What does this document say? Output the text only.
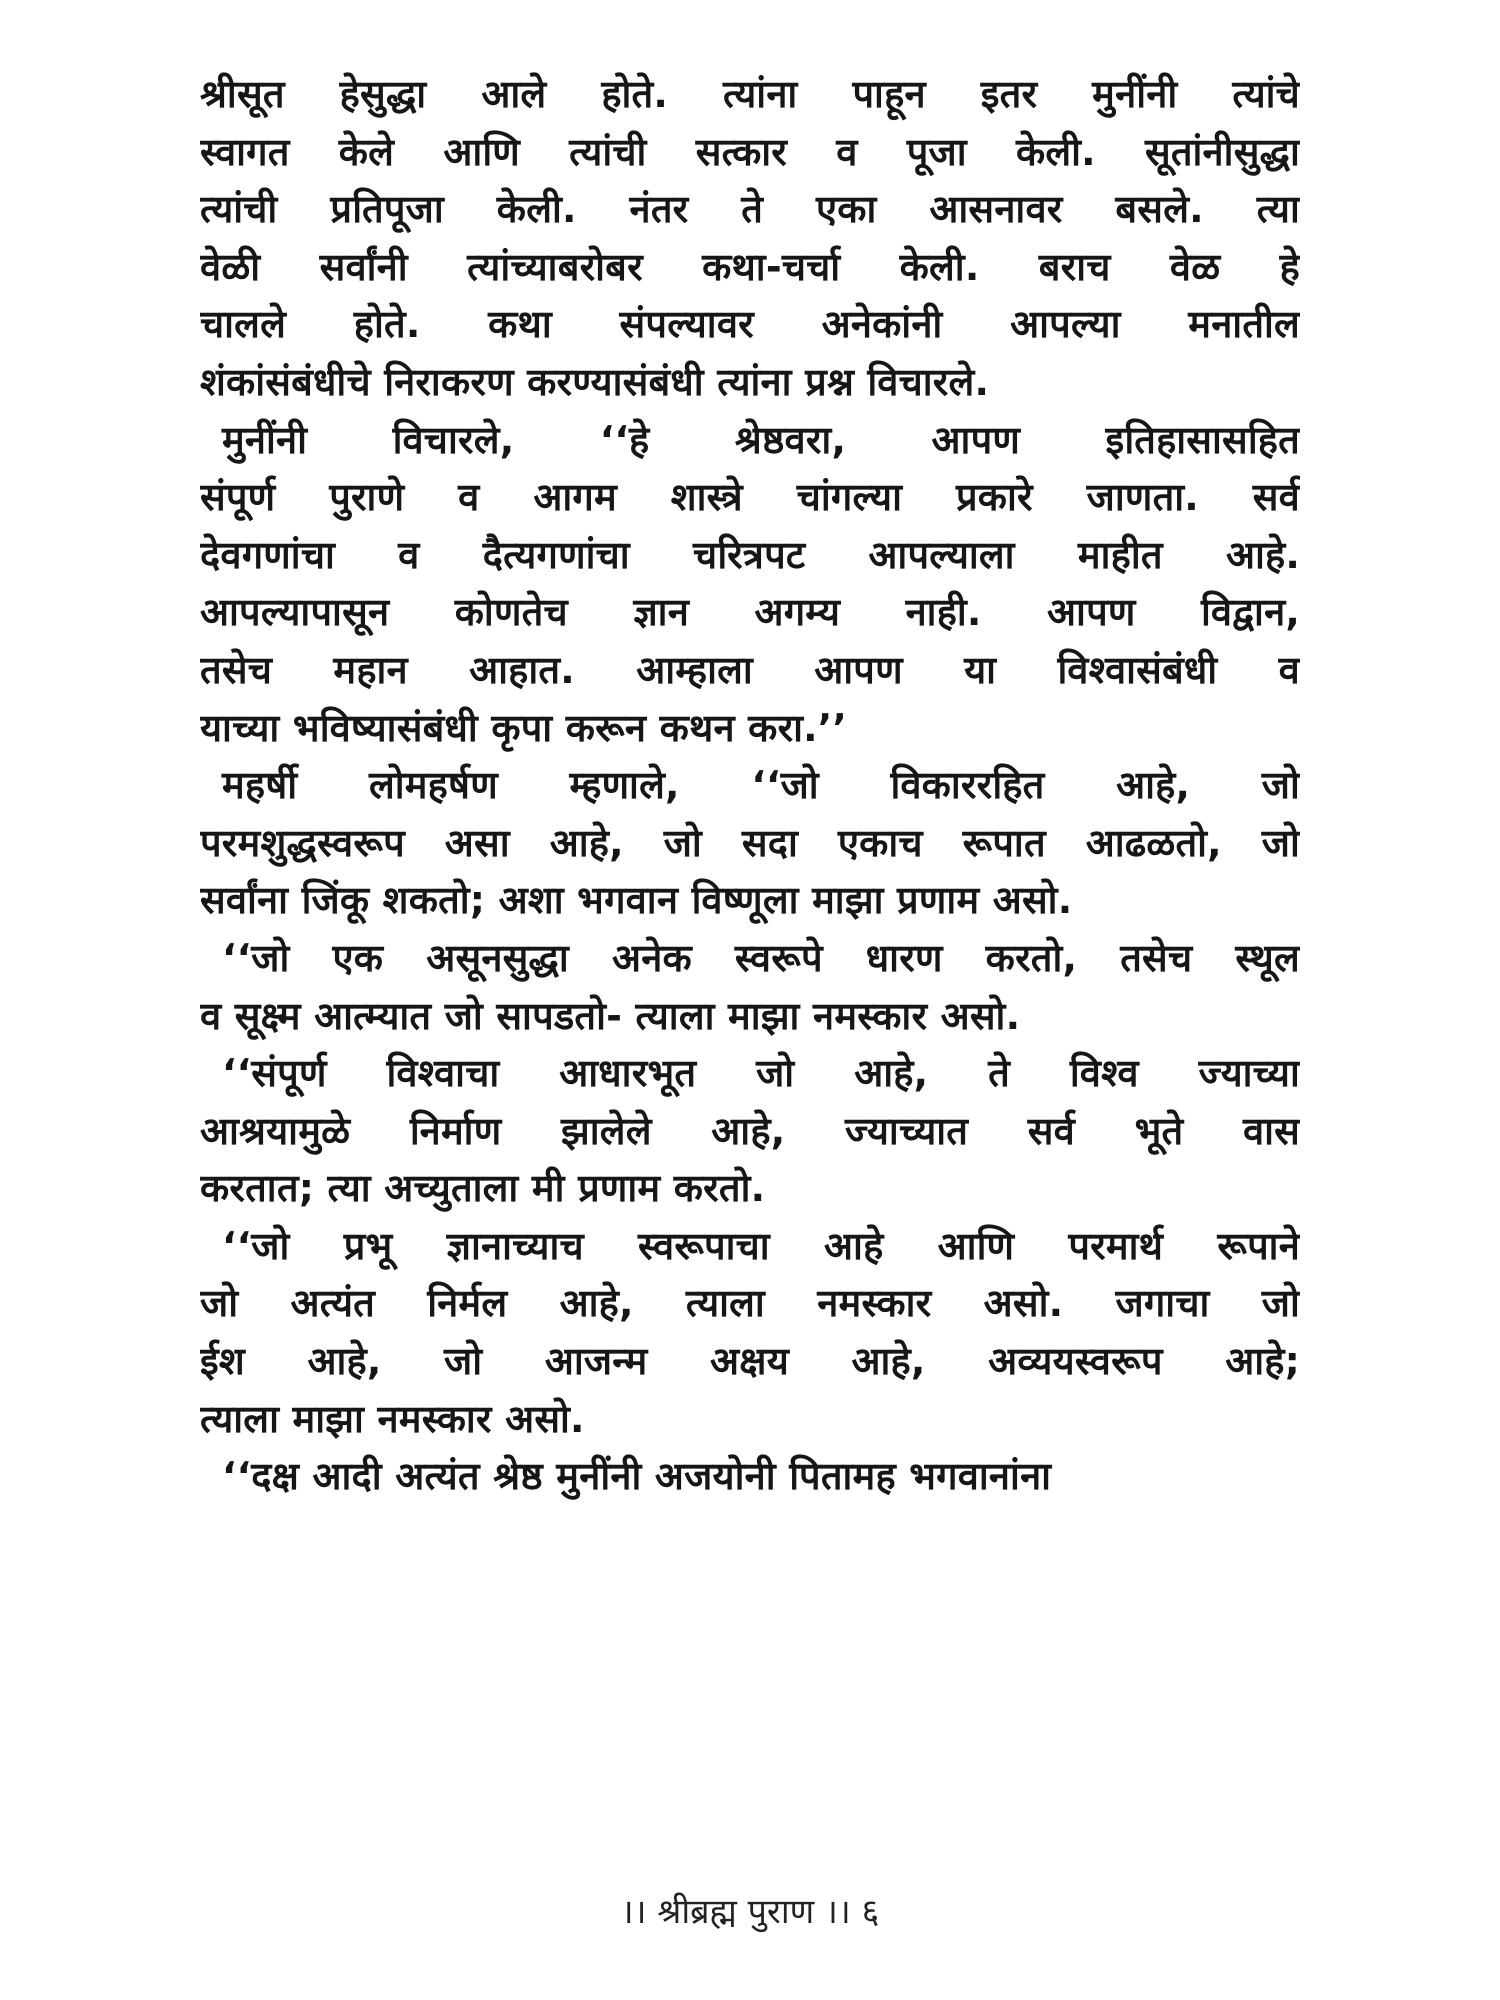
श्रीसूत हेसुद्धा आले होते. त्यांना पाहून इतर मुनींनी त्यांचे
स्वागत केले आणि त्यांची सत्कार व पूजा केली. सूतांनीसुद्धा
त्यांची प्रतिपूजा केली. नंतर ते एका आसनावर बसले. त्या
वेळी सर्वांनी त्यांच्याबरोबर कथा-चर्चा केली. बराच वेळ हे
चालले होते. कथा संपल्यावर अनेकांनी आपल्या मनातील
शंकांसंबंधीचे निराकरण करण्यासंबंधी त्यांना प्रश्न विचारले.
मुनींनी विचारले, ‘‘हे श्रेष्ठवरा, आपण इतिहासासहित
संपूर्ण पुराणे व आगम शास्त्रे चांगल्या प्रकारे जाणता. सर्व
देवगणांचा व दैत्यगणांचा चरित्रपट आपल्याला माहीत आहे.
आपल्यापासून कोणतेच ज्ञान अगम्य नाही. आपण विद्वान,
तसेच महान आहात. आम्हाला आपण या विश्वासंबंधी व
याच्या भविष्यासंबंधी कृपा करून कथन करा.’’
महर्षी लोमहर्षण म्हणाले, ‘‘जो विकाररहित आहे, जो
परमशुद्धस्वरूप असा आहे, जो सदा एकाच रूपात आढळतो, जो
सर्वांना जिंकू शकतो; अशा भगवान विष्णूला माझा प्रणाम असो.
‘‘जो एक असूनसुद्धा अनेक स्वरूपे धारण करतो, तसेच स्थूल
व सूक्ष्म आत्म्यात जो सापडतो- त्याला माझा नमस्कार असो.
‘‘संपूर्ण विश्वाचा आधारभूत जो आहे, ते विश्व ज्याच्या
आश्रयामुळे निर्माण झालेले आहे, ज्याच्यात सर्व भूते वास
करतात; त्या अच्युताला मी प्रणाम करतो.
‘‘जो प्रभू ज्ञानाच्याच स्वरूपाचा आहे आणि परमार्थ रूपाने
जो अत्यंत निर्मल आहे, त्याला नमस्कार असो. जगाचा जो
ईश आहे, जो आजन्म अक्षय आहे, अव्ययस्वरूप आहे;
त्याला माझा नमस्कार असो.
‘‘दक्ष आदी अत्यंत श्रेष्ठ मुनींनी अजयोनी पितामह भगवानांना
।। श्रीब्रह्म पुराण ।। ६
